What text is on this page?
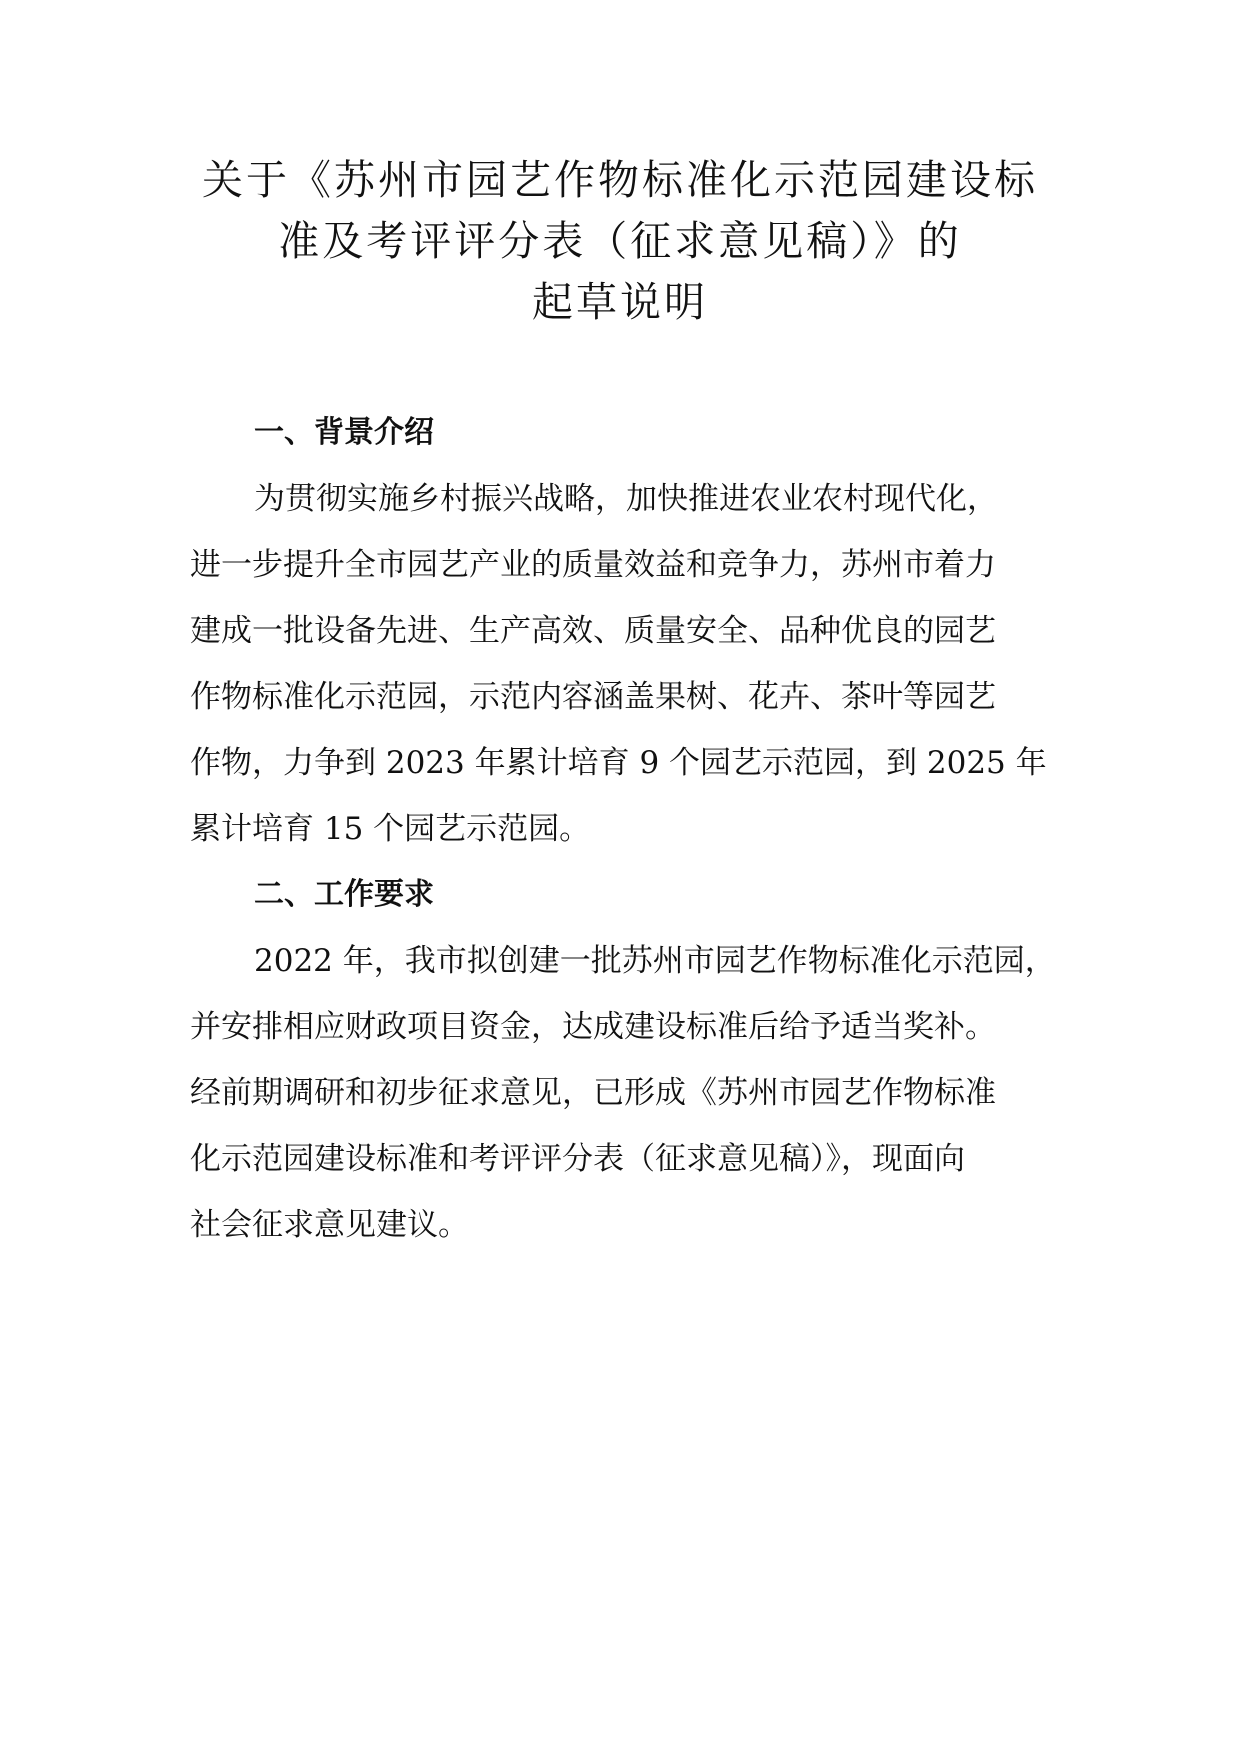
关于《苏州市园艺作物标准化示范园建设标
准及考评评分表（征求意见稿）》的
起草说明
一、背景介绍
为贯彻实施乡村振兴战略，加快推进农业农村现代化，
进一步提升全市园艺产业的质量效益和竞争力，苏州市着力
建成一批设备先进、生产高效、质量安全、品种优良的园艺
作物标准化示范园，示范内容涵盖果树、花卉、茶叶等园艺
作物，力争到 2023 年累计培育 9 个园艺示范园，到 2025 年
累计培育 15 个园艺示范园。
二、工作要求
2022 年，我市拟创建一批苏州市园艺作物标准化示范园，
并安排相应财政项目资金，达成建设标准后给予适当奖补。
经前期调研和初步征求意见，已形成《苏州市园艺作物标准
化示范园建设标准和考评评分表（征求意见稿）》，现面向
社会征求意见建议。
